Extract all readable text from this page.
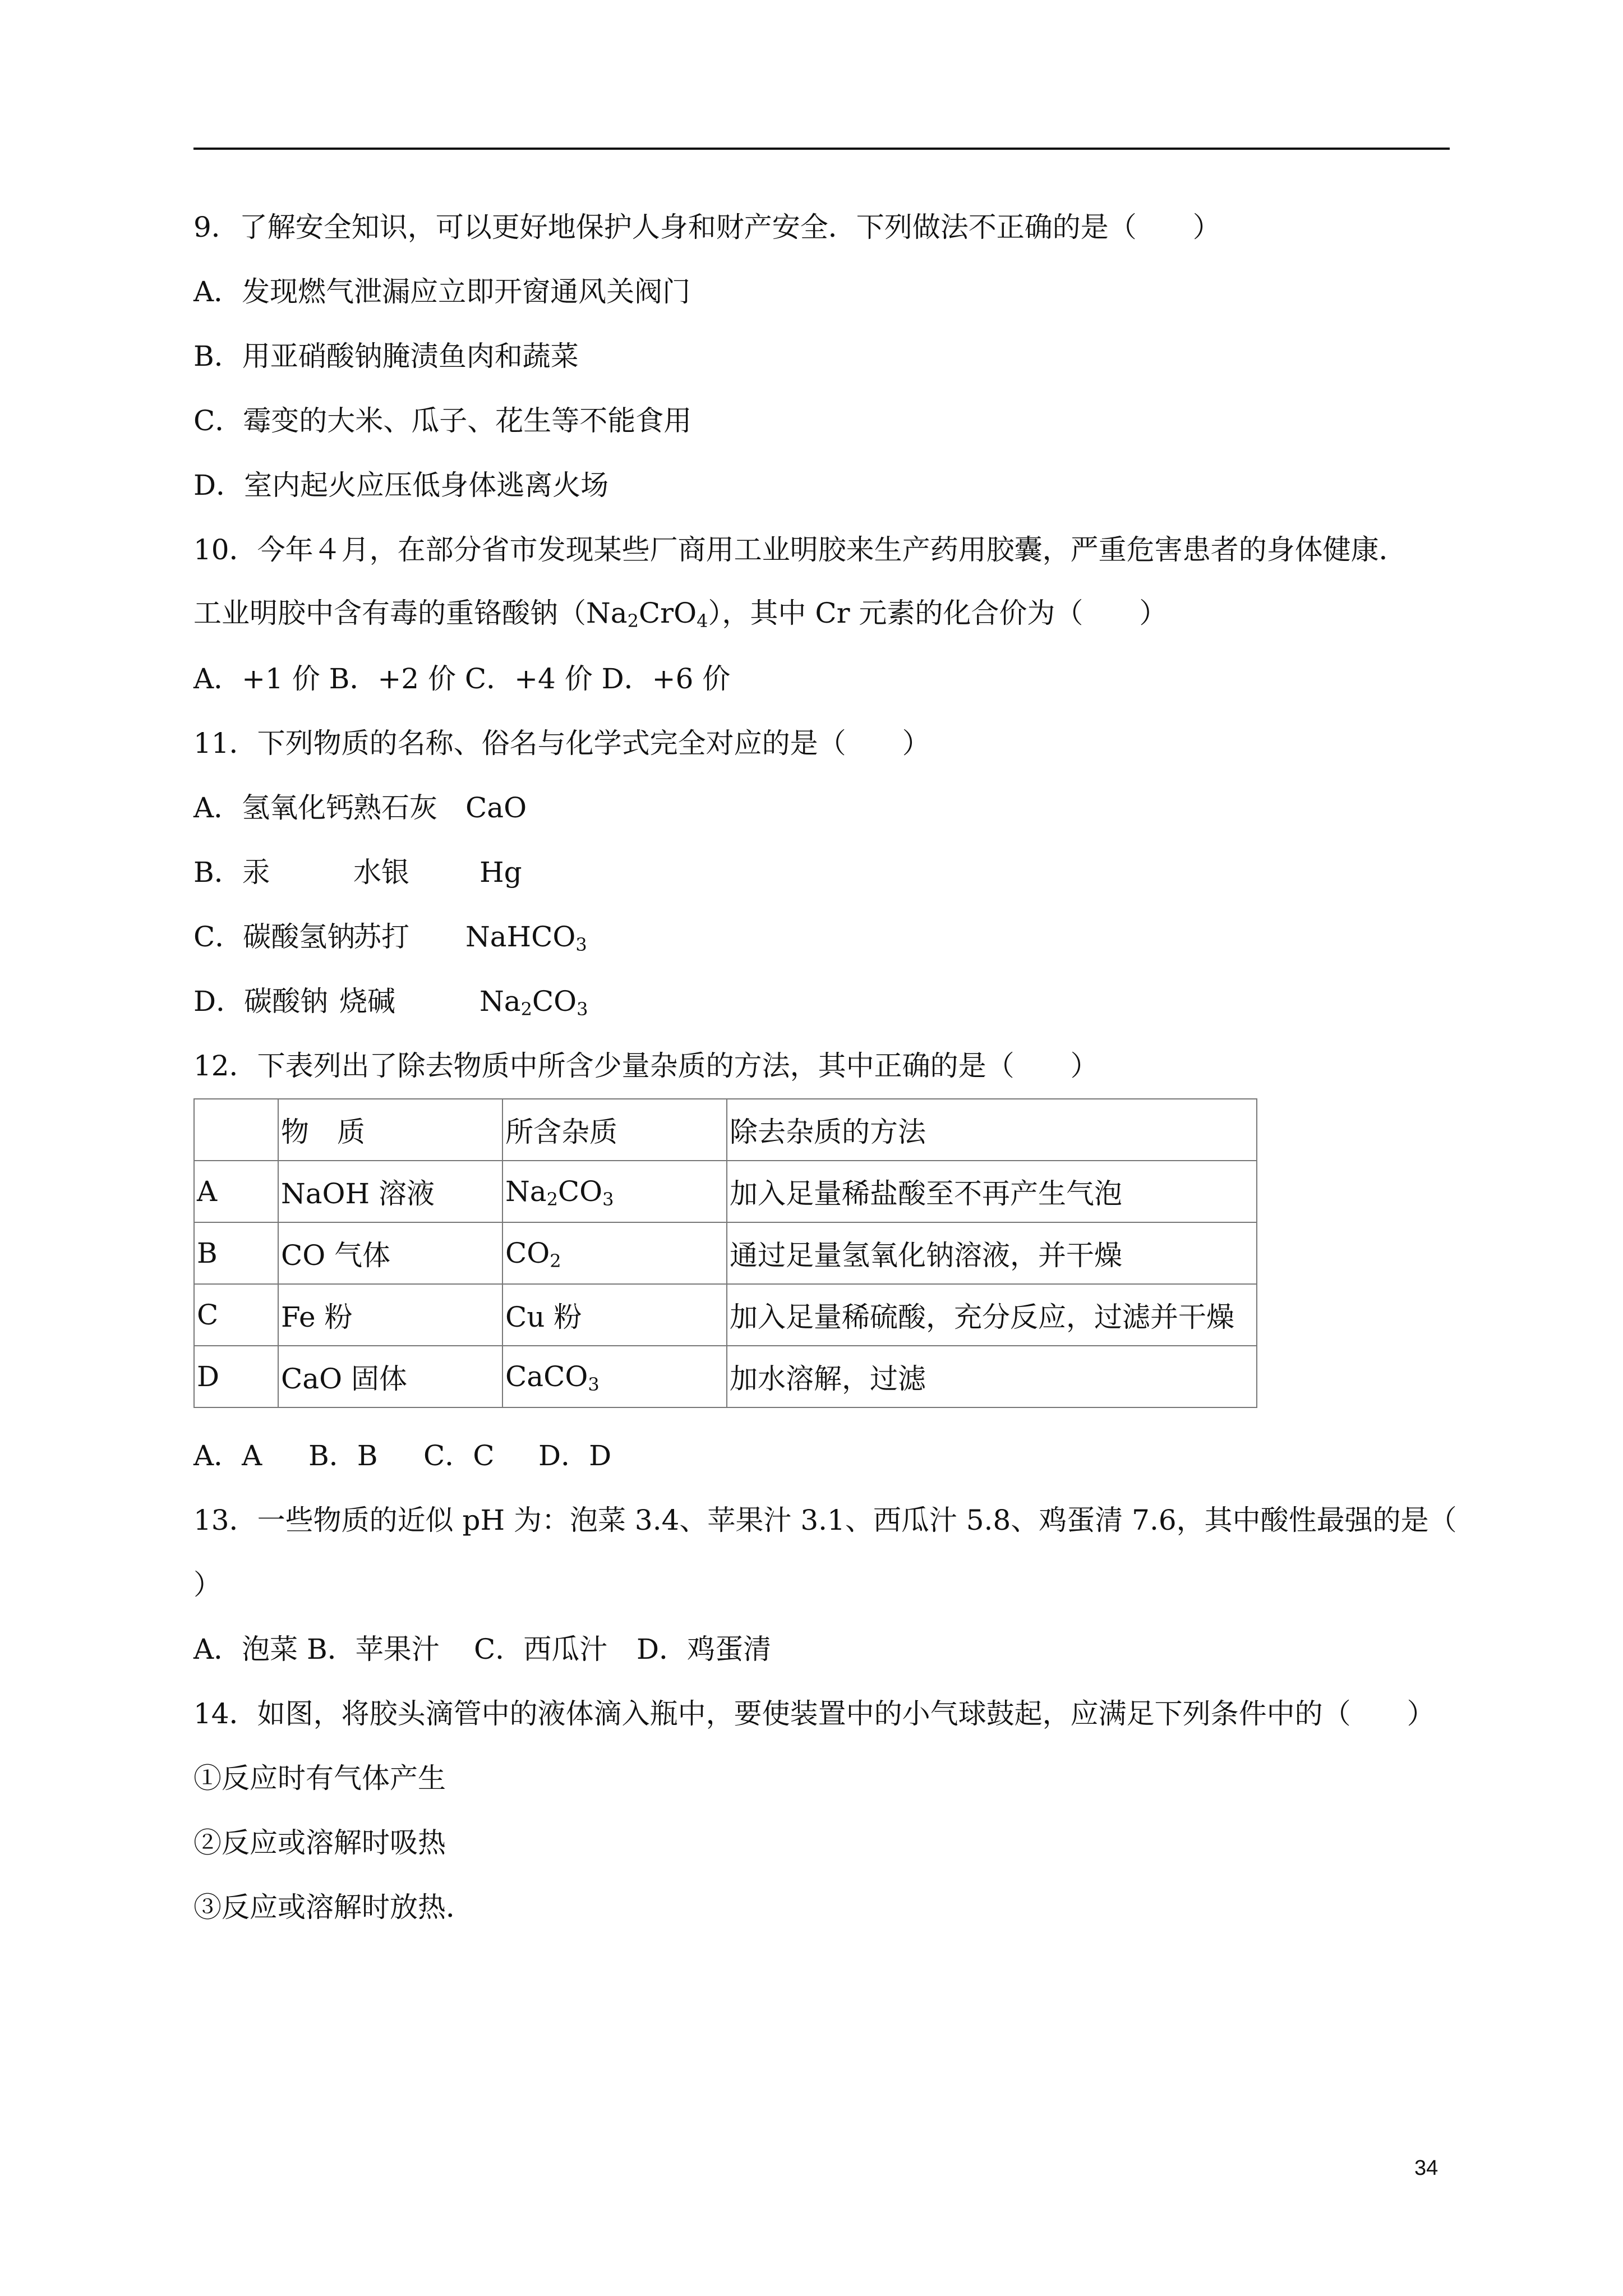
9．了解安全知识，可以更好地保护人身和财产安全．下列做法不正确的是（　　）
A．发现燃气泄漏应立即开窗通风关阀门
B．用亚硝酸钠腌渍鱼肉和蔬菜
C．霉变的大米、瓜子、花生等不能食用
D．室内起火应压低身体逃离火场
10．今年４月，在部分省市发现某些厂商用工业明胶来生产药用胶囊，严重危害患者的身体健康．
工业明胶中含有毒的重铬酸钠$(Na_2CrO_4)$，其中 Cr 元素的化合价为（　　）
A．+1 价 B．+2 价 C．+4 价 D．+6 价
11．下列物质的名称、俗名与化学式完全对应的是（　　）
A．氢氧化钙熟石灰 CaO
B．汞	水银	Hg
C．碳酸氢钠苏打 NaHCO$_3$
D．碳酸钠 烧碱	$Na_2CO_3$
12．下表列出了除去物质中所含少量杂质的方法，其中正确的是（　　）
	物　质	所含杂质	除去杂质的方法
A	NaOH 溶液	$Na_2CO_3$	加入足量稀盐酸至不再产生气泡
B	CO 气体	$CO_2$	通过足量氢氧化钠溶液，并干燥
C	Fe 粉	Cu 粉	加入足量稀硫酸，充分反应，过滤并干燥
D	CaO 固体	CaCO$_3$	加水溶解，过滤
A．A B．B C．C D．D
13．一些物质的近似 pH 为：泡菜 3.4、苹果汁 3.1、西瓜汁 5.8、鸡蛋清 7.6，其中酸性最强的是（
）
A．泡菜 B．苹果汁 C．西瓜汁 D．鸡蛋清
14．如图，将胶头滴管中的液体滴入瓶中，要使装置中的小气球鼓起，应满足下列条件中的（　　）
①反应时有气体产生
②反应或溶解时吸热
③反应或溶解时放热．
34
